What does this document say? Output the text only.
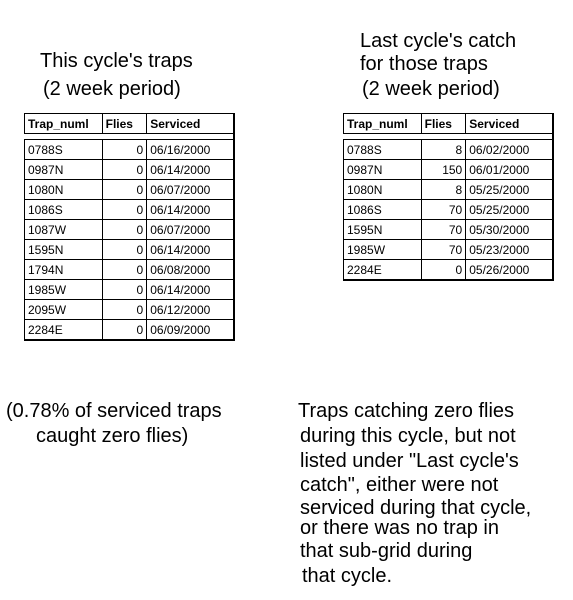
This cycle's traps
(2 week period)
Last cycle's catch
for those traps
(2 week period)
Trap_numl	Flies	Serviced

0788S	0	06/16/2000
0987N	0	06/14/2000
1080N	0	06/07/2000
1086S	0	06/14/2000
1087W	0	06/07/2000
1595N	0	06/14/2000
1794N	0	06/08/2000
1985W	0	06/14/2000
2095W	0	06/12/2000
2284E	0	06/09/2000
Trap_numl	Flies	Serviced

0788S	8	06/02/2000
0987N	150	06/01/2000
1080N	8	05/25/2000
1086S	70	05/25/2000
1595N	70	05/30/2000
1985W	70	05/23/2000
2284E	0	05/26/2000
(0.78% of serviced traps
caught zero flies)
Traps catching zero flies
during this cycle, but not
listed under "Last cycle's
catch", either were not
serviced during that cycle,
or there was no trap in
that sub-grid during
that cycle.
